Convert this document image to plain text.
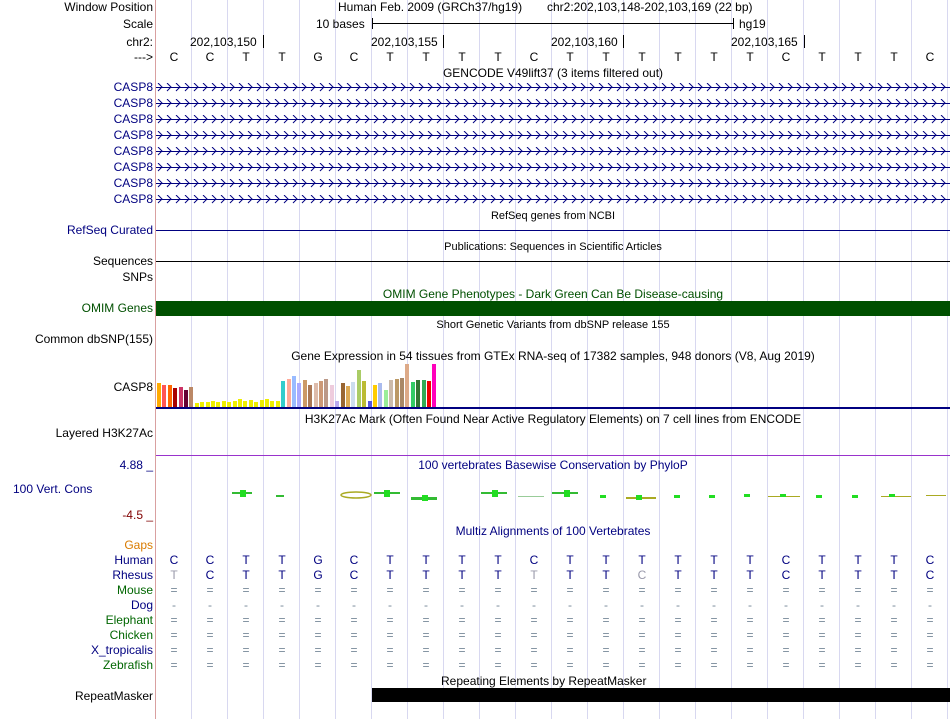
Window Position	Human Feb. 2009 (GRCh37/hg19) chr2:202,103,148-202,103,169 (22 bp)
Scale	10 bases	hg19
chr2:	202,103,150	202,103,155	202,103,160	202,103,165
--->	C	C	T	T	G	C	T	T	T	T	C	T	T	T	T	T	T	C	T	T	T	C
GENCODE V49lift37 (3 items filtered out)
CASP8
CASP8
CASP8
CASP8
CASP8
CASP8
CASP8
CASP8
RefSeq genes from NCBI
RefSeq Curated
Publications: Sequences in Scientific Articles
Sequences
SNPs
OMIM Gene Phenotypes - Dark Green Can Be Disease-causing
OMIM Genes
Short Genetic Variants from dbSNP release 155
Common dbSNP(155)
Gene Expression in 54 tissues from GTEx RNA-seq of 17382 samples, 948 donors (V8, Aug 2019)
CASP8
H3K27Ac Mark (Often Found Near Active Regulatory Elements) on 7 cell lines from ENCODE
Layered H3K27Ac
100 vertebrates Basewise Conservation by PhyloP
4.88 _
100 Vert. Cons
-4.5 _
Multiz Alignments of 100 Vertebrates
Gaps
Human	C	C	T	T	G	C	T	T	T	T	C	T	T	T	T	T	T	C	T	T	T	C
Rhesus	T	C	T	T	G	C	T	T	T	T	T	T	T	C	T	T	T	C	T	T	T	C
Mouse	=	=	=	=	=	=	=	=	=	=	=	=	=	=	=	=	=	=	=	=	=	=
Dog	-	-	-	-	-	-	-	-	-	-	-	-	-	-	-	-	-	-	-	-	-	-
Elephant	=	=	=	=	=	=	=	=	=	=	=	=	=	=	=	=	=	=	=	=	=	=
Chicken	=	=	=	=	=	=	=	=	=	=	=	=	=	=	=	=	=	=	=	=	=	=
X_tropicalis	=	=	=	=	=	=	=	=	=	=	=	=	=	=	=	=	=	=	=	=	=	=
Zebrafish	=	=	=	=	=	=	=	=	=	=	=	=	=	=	=	=	=	=	=	=	=	=
Repeating Elements by RepeatMasker
RepeatMasker
